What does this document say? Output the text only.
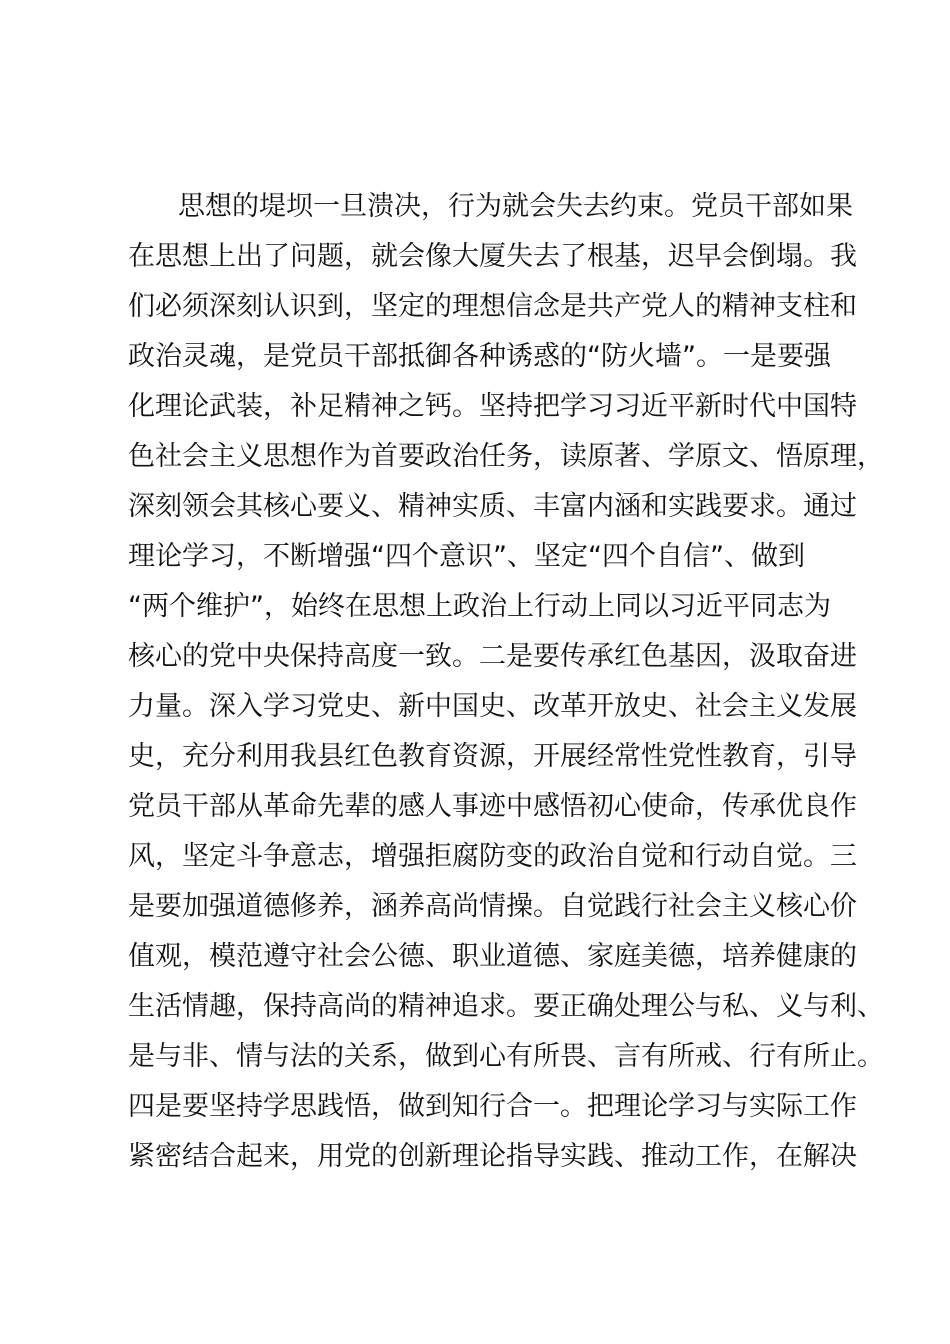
思想的堤坝一旦溃决，行为就会失去约束。党员干部如果
在思想上出了问题，就会像大厦失去了根基，迟早会倒塌。我
们必须深刻认识到，坚定的理想信念是共产党人的精神支柱和
政治灵魂，是党员干部抵御各种诱惑的“防火墙”。一是要强
化理论武装，补足精神之钙。坚持把学习习近平新时代中国特
色社会主义思想作为首要政治任务，读原著、学原文、悟原理，
深刻领会其核心要义、精神实质、丰富内涵和实践要求。通过
理论学习，不断增强“四个意识”、坚定“四个自信”、做到
“两个维护”，始终在思想上政治上行动上同以习近平同志为
核心的党中央保持高度一致。二是要传承红色基因，汲取奋进
力量。深入学习党史、新中国史、改革开放史、社会主义发展
史，充分利用我县红色教育资源，开展经常性党性教育，引导
党员干部从革命先辈的感人事迹中感悟初心使命，传承优良作
风，坚定斗争意志，增强拒腐防变的政治自觉和行动自觉。三
是要加强道德修养，涵养高尚情操。自觉践行社会主义核心价
值观，模范遵守社会公德、职业道德、家庭美德，培养健康的
生活情趣，保持高尚的精神追求。要正确处理公与私、义与利、
是与非、情与法的关系，做到心有所畏、言有所戒、行有所止。
四是要坚持学思践悟，做到知行合一。把理论学习与实际工作
紧密结合起来，用党的创新理论指导实践、推动工作，在解决
